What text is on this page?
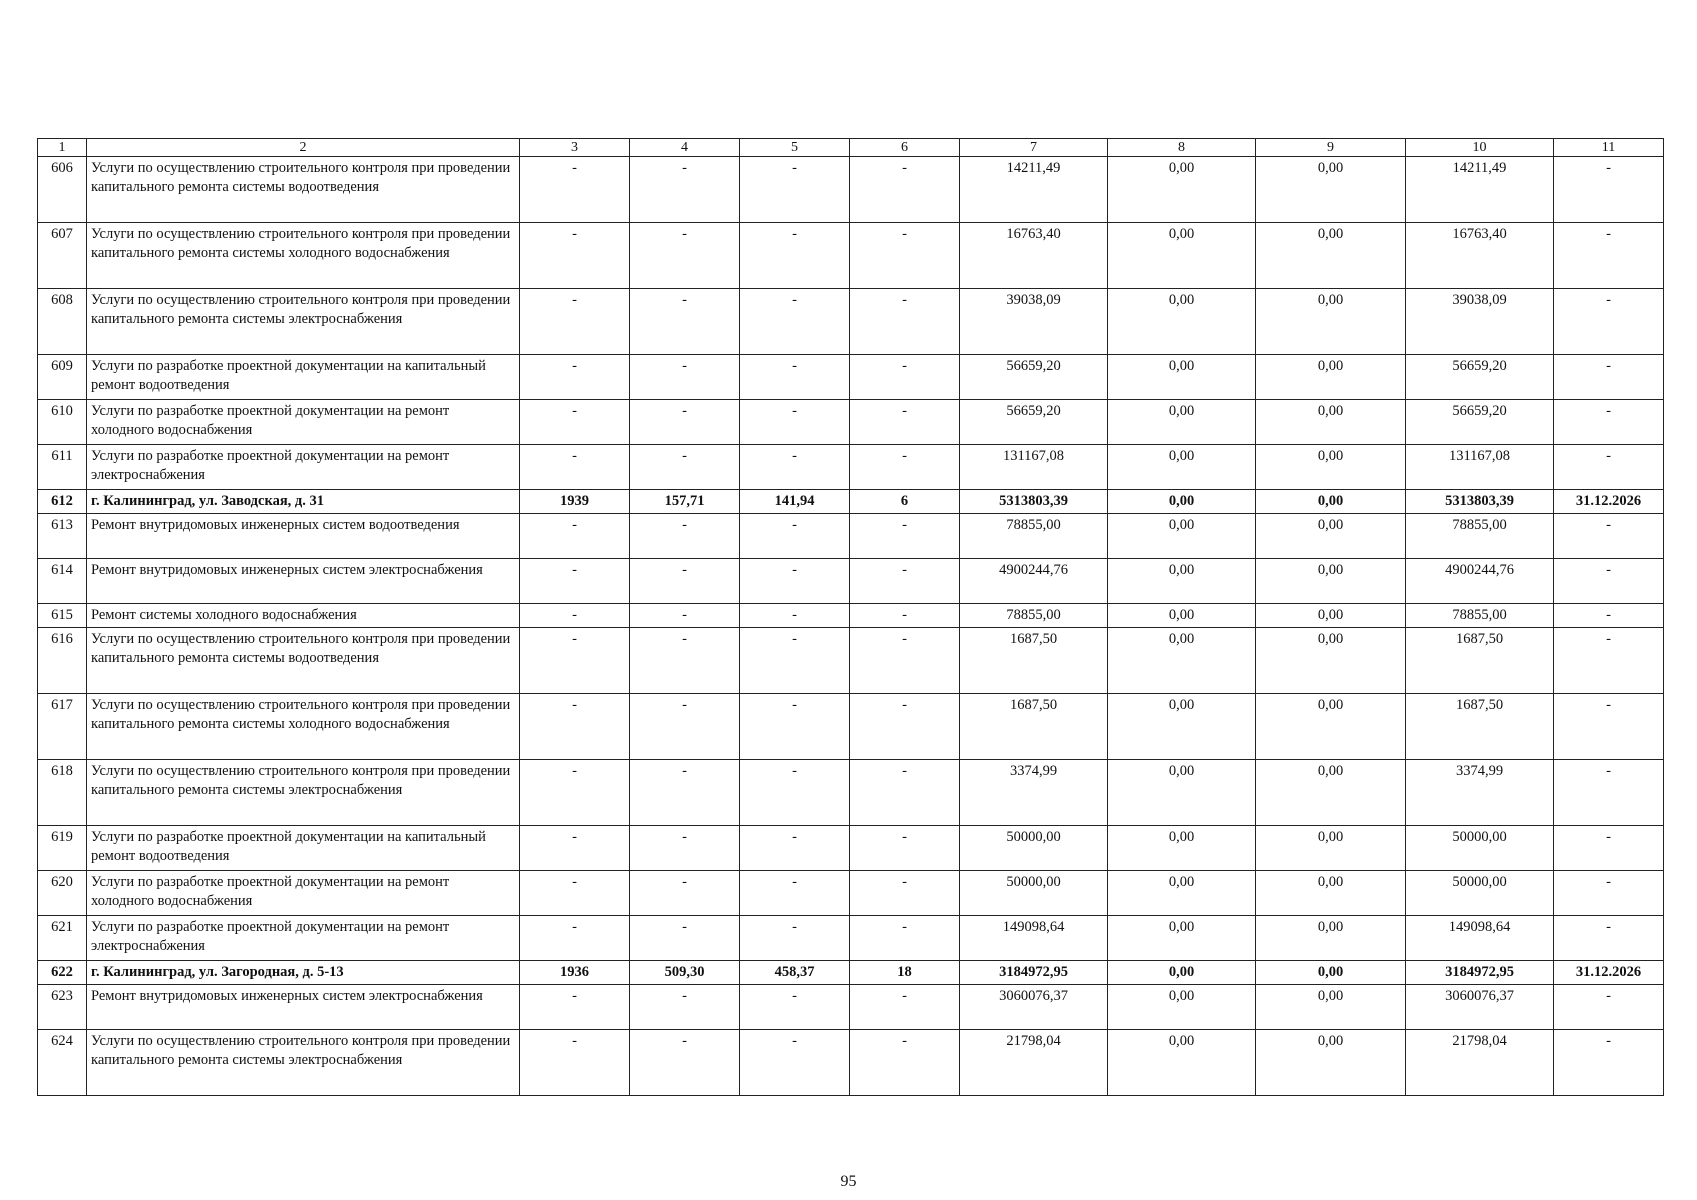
1	2	3	4	5	6	7	8	9	10	11
606	Услуги по осуществлению строительного контроля при проведении капитального ремонта системы водоотведения	-	-	-	-	14211,49	0,00	0,00	14211,49	-
607	Услуги по осуществлению строительного контроля при проведении капитального ремонта системы холодного водоснабжения	-	-	-	-	16763,40	0,00	0,00	16763,40	-
608	Услуги по осуществлению строительного контроля при проведении капитального ремонта системы электроснабжения	-	-	-	-	39038,09	0,00	0,00	39038,09	-
609	Услуги по разработке проектной документации на капитальный ремонт водоотведения	-	-	-	-	56659,20	0,00	0,00	56659,20	-
610	Услуги по разработке проектной документации на ремонт холодного водоснабжения	-	-	-	-	56659,20	0,00	0,00	56659,20	-
611	Услуги по разработке проектной документации на ремонт электроснабжения	-	-	-	-	131167,08	0,00	0,00	131167,08	-
612	г. Калининград, ул. Заводская, д. 31	1939	157,71	141,94	6	5313803,39	0,00	0,00	5313803,39	31.12.2026
613	Ремонт внутридомовых инженерных систем водоотведения	-	-	-	-	78855,00	0,00	0,00	78855,00	-
614	Ремонт внутридомовых инженерных систем электроснабжения	-	-	-	-	4900244,76	0,00	0,00	4900244,76	-
615	Ремонт системы холодного водоснабжения	-	-	-	-	78855,00	0,00	0,00	78855,00	-
616	Услуги по осуществлению строительного контроля при проведении капитального ремонта системы водоотведения	-	-	-	-	1687,50	0,00	0,00	1687,50	-
617	Услуги по осуществлению строительного контроля при проведении капитального ремонта системы холодного водоснабжения	-	-	-	-	1687,50	0,00	0,00	1687,50	-
618	Услуги по осуществлению строительного контроля при проведении капитального ремонта системы электроснабжения	-	-	-	-	3374,99	0,00	0,00	3374,99	-
619	Услуги по разработке проектной документации на капитальный ремонт водоотведения	-	-	-	-	50000,00	0,00	0,00	50000,00	-
620	Услуги по разработке проектной документации на ремонт холодного водоснабжения	-	-	-	-	50000,00	0,00	0,00	50000,00	-
621	Услуги по разработке проектной документации на ремонт электроснабжения	-	-	-	-	149098,64	0,00	0,00	149098,64	-
622	г. Калининград, ул. Загородная, д. 5-13	1936	509,30	458,37	18	3184972,95	0,00	0,00	3184972,95	31.12.2026
623	Ремонт внутридомовых инженерных систем электроснабжения	-	-	-	-	3060076,37	0,00	0,00	3060076,37	-
624	Услуги по осуществлению строительного контроля при проведении капитального ремонта системы электроснабжения	-	-	-	-	21798,04	0,00	0,00	21798,04	-
95
